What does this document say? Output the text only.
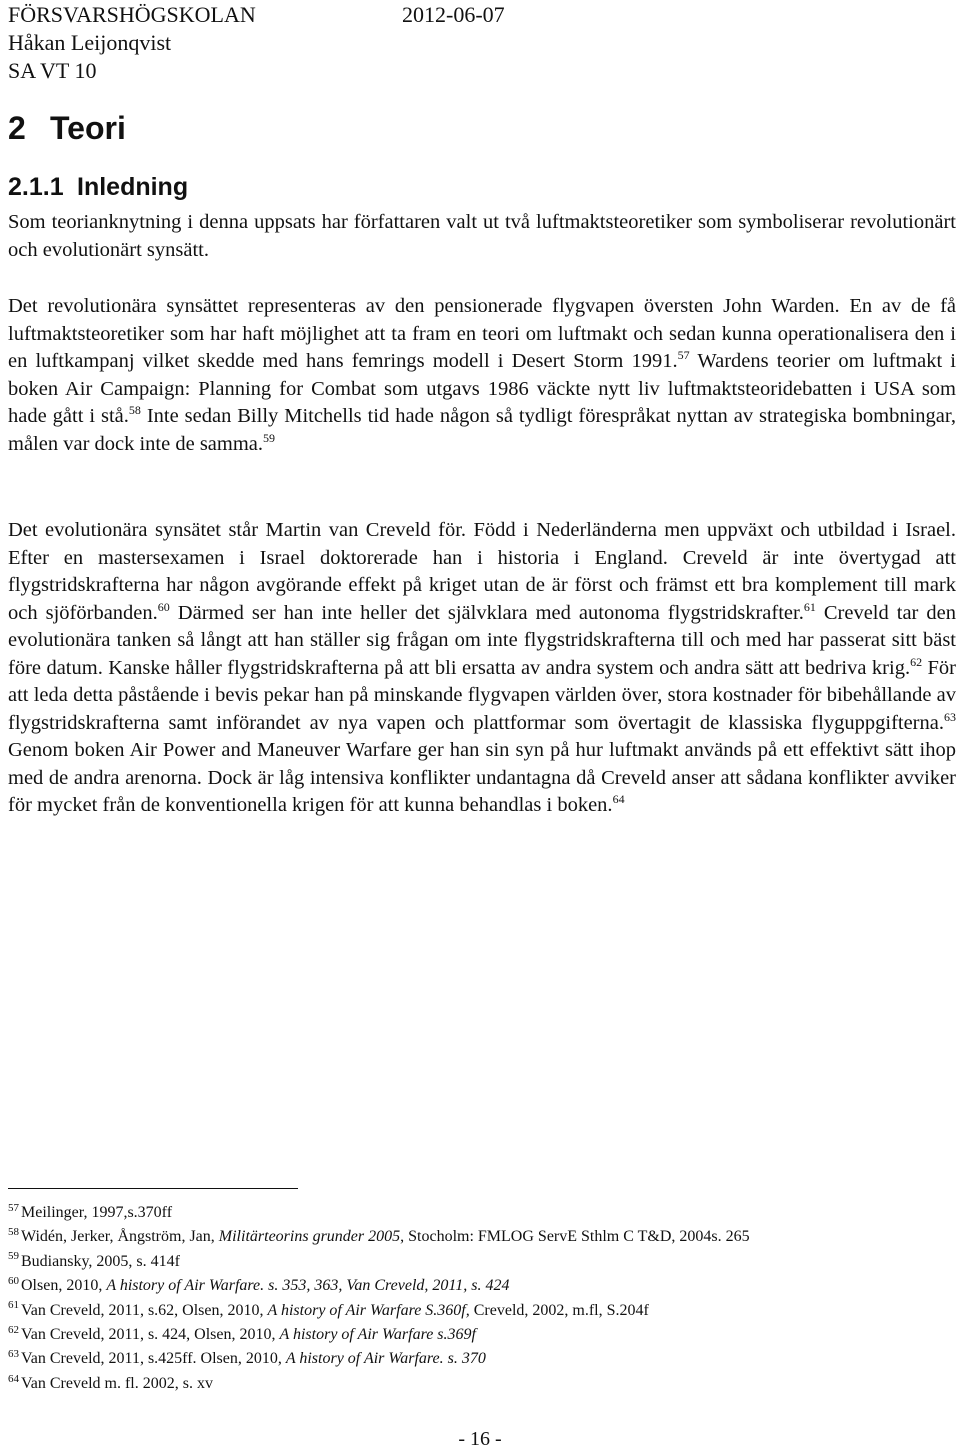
FÖRSVARSHÖGSKOLAN	2012-06-07
Håkan Leijonqvist
SA VT 10
2 Teori
2.1.1 Inledning

Som teorianknytning i denna uppsats har författaren valt ut två luftmaktsteoretiker som symboliserar revolutionärt och evolutionärt synsätt.

Det revolutionära synsättet representeras av den pensionerade flygvapen översten John Warden. En av de få luftmaktsteoretiker som har haft möjlighet att ta fram en teori om luftmakt och sedan kunna operationalisera den i en luftkampanj vilket skedde med hans femrings modell i Desert Storm 1991.57 Wardens teorier om luftmakt i boken Air Campaign: Planning for Combat som utgavs 1986 väckte nytt liv luftmaktsteoridebatten i USA som hade gått i stå.$^{58}$ Inte sedan Billy Mitchells tid hade någon så tydligt förespråkat nyttan av strategiska bombningar, målen var dock inte de samma.$^{59}$

Det evolutionära synsätet står Martin van Creveld för. Född i Nederländerna men uppväxt och utbildad i Israel. Efter en mastersexamen i Israel doktorerade han i historia i England. Creveld är inte övertygad att flygstridskrafterna har någon avgörande effekt på kriget utan de är först och främst ett bra komplement till mark och sjöförbanden.$^{60}$ Därmed ser han inte heller det självklara med autonoma flygstridskrafter.$^{61}$ Creveld tar den evolutionära tanken så långt att han ställer sig frågan om inte flygstridskrafterna till och med har passerat sitt bäst före datum. Kanske håller flygstridskrafterna på att bli ersatta av andra system och andra sätt att bedriva krig.$^{62}$ För att leda detta påstående i bevis pekar han på minskande flygvapen världen över, stora kostnader för bibehållande av flygstridskrafterna samt införandet av nya vapen och plattformar som övertagit de klassiska flyguppgifterna.$^{63}$ Genom boken Air Power and Maneuver Warfare ger han sin syn på hur luftmakt används på ett effektivt sätt ihop med de andra arenorna. Dock är låg intensiva konflikter undantagna då Creveld anser att sådana konflikter avviker för mycket från de konventionella krigen för att kunna behandlas i boken.$^{64}$

$^{57}$ Meilinger, 1997,s.370ff
$^{58}$ Widén, Jerker, Ångström, Jan, Militärteorins grunder 2005, Stocholm: FMLOG ServE Sthlm C T&D, 2004s. 265
$^{59}$ Budiansky, 2005, s. 414f
$^{60}$ Olsen, 2010, A history of Air Warfare. s. 353, 363, Van Creveld, 2011, s. 424
$^{61}$ Van Creveld, 2011, s.62, Olsen, 2010, A history of Air Warfare S.360f, Creveld, 2002, m.fl, S.204f
$^{62}$ Van Creveld, 2011, s. 424, Olsen, 2010, A history of Air Warfare s.369f
$^{63}$ Van Creveld, 2011, s.425ff. Olsen, 2010, A history of Air Warfare. s. 370
$^{64}$ Van Creveld m. fl. 2002, s. xv
- 16 -
